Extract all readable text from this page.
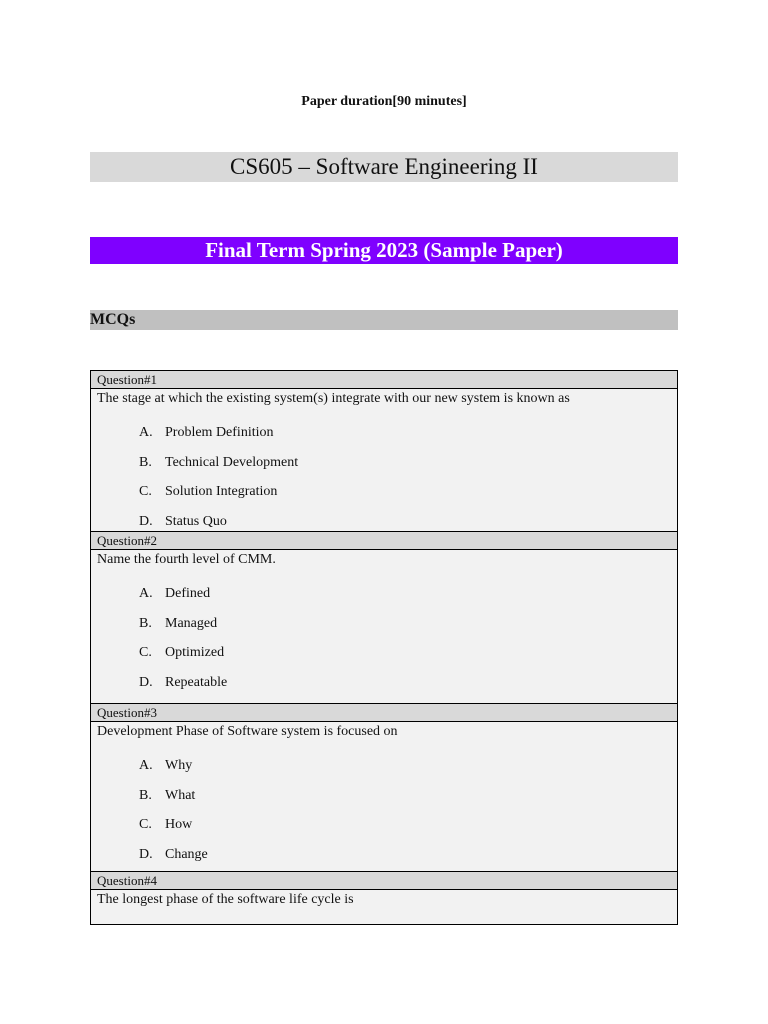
Paper duration[90 minutes]
CS605 – Software Engineering II
Final Term Spring 2023 (Sample Paper)
MCQs
Question#1
The stage at which the existing system(s) integrate with our new system is known as
A. Problem Definition
B. Technical Development
C. Solution Integration
D. Status Quo
Question#2
Name the fourth level of CMM.
A. Defined
B. Managed
C. Optimized
D. Repeatable
Question#3
Development Phase of Software system is focused on
A. Why
B. What
C. How
D. Change
Question#4
The longest phase of the software life cycle is
